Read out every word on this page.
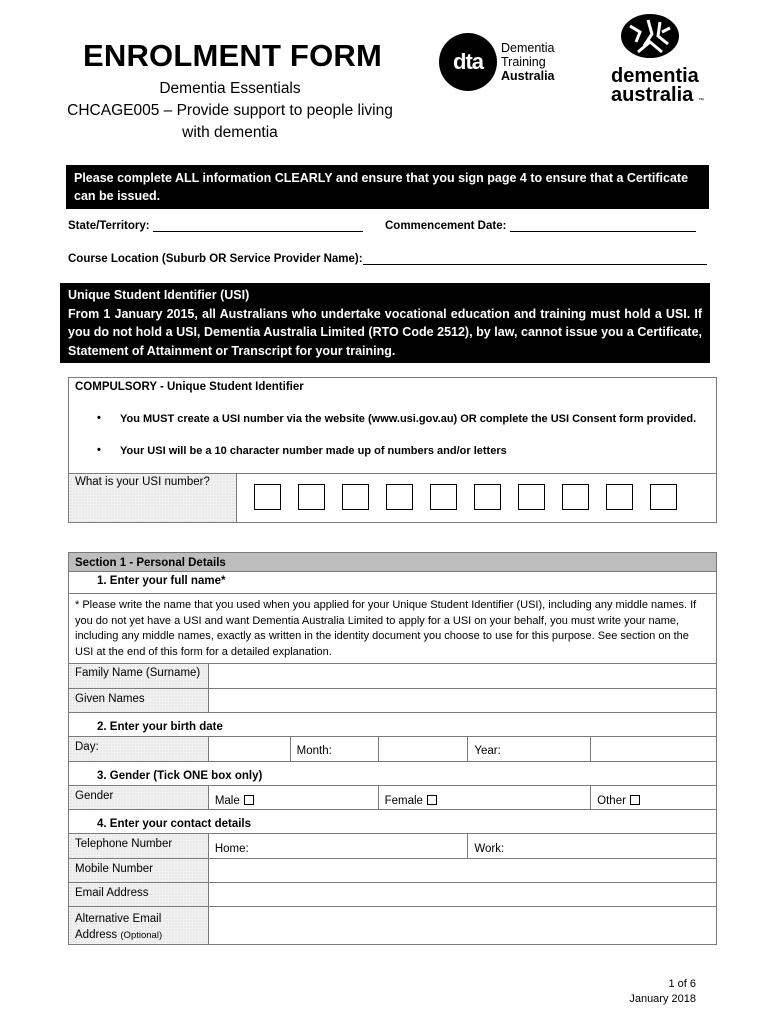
ENROLMENT FORM
Dementia Essentials
CHCAGE005 – Provide support to people living
with dementia
dta
Dementia
Training
Australia	dementia
australia ™
Please complete ALL information CLEARLY and ensure that you sign page 4 to ensure that a Certificate can be issued.
State/Territory:	Commencement Date:
Course Location (Suburb OR Service Provider Name):
Unique Student Identifier (USI)
From 1 January 2015, all Australians who undertake vocational education and training must hold a USI. If you do not hold a USI, Dementia Australia Limited (RTO Code 2512), by law, cannot issue you a Certificate, Statement of Attainment or Transcript for your training.
COMPULSORY - Unique Student Identifier
• You MUST create a USI number via the website (www.usi.gov.au) OR complete the USI Consent form provided.
• Your USI will be a 10 character number made up of numbers and/or letters

What is your USI number?	
Section 1 - Personal Details					
1. Enter your full name*					
* Please write the name that you used when you applied for your Unique Student Identifier (USI), including any middle names. If you do not yet have a USI and want Dementia Australia Limited to apply for a USI on your behalf, you must write your name, including any middle names, exactly as written in the identity document you choose to use for this purpose. See section on the USI at the end of this form for a detailed explanation.					
Family Name (Surname)					
Given Names					
2. Enter your birth date					
Day:		Month:		Year:	
3. Gender (Tick ONE box only)					
Gender	Male		Female		Other
4. Enter your contact details					
Telephone Number	Home:			Work:	
Mobile Number					
Email Address					

Alternative Email
Address (Optional)					

1 of 6
January 2018
